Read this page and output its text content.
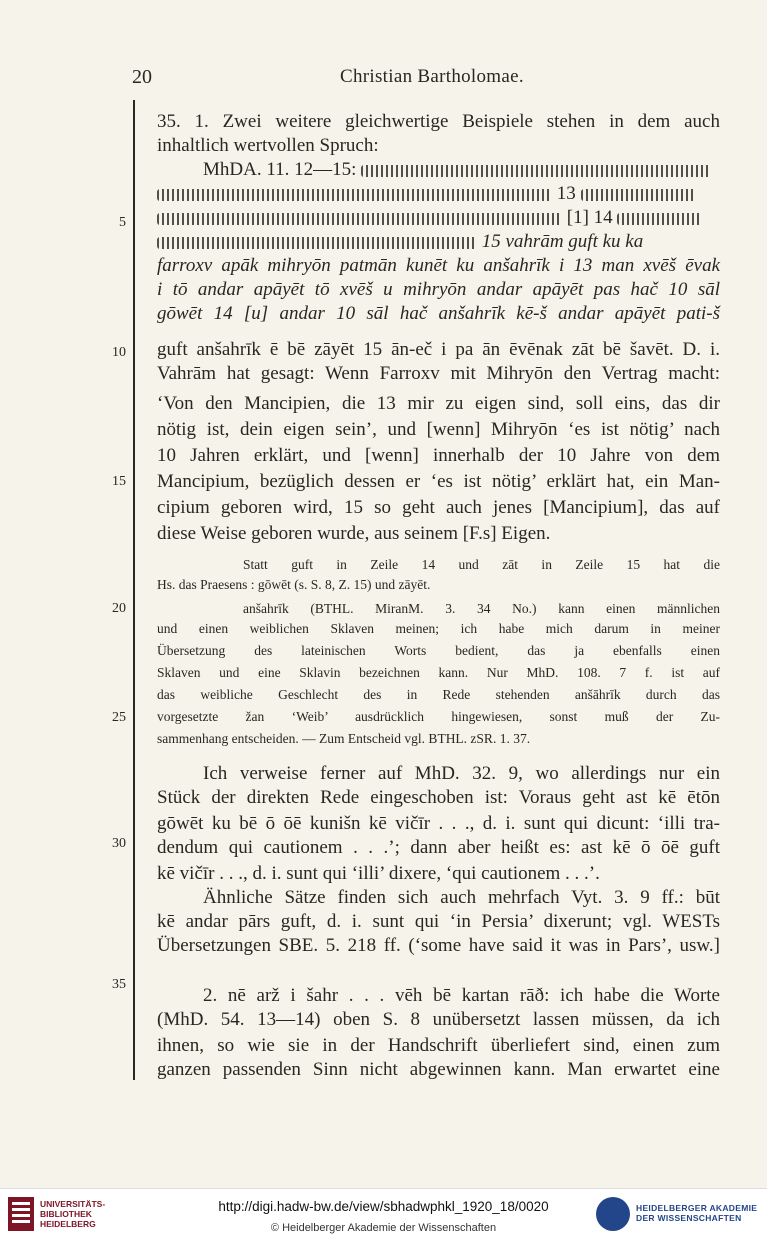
20	Christian Bartholomae.
5
10
15
20
25
30
35
35. 1. Zwei weitere gleichwertige Beispiele stehen in dem auch
inhaltlich wertvollen Spruch:
MhDA. 11. 12—15:
13
[1] 14
15 vahrām guft ku ka
farroxv apāk mihryōn patmān kunēt ku anšahrīk i 13 man xvēš ēvak
i tō andar apāyēt tō xvēš u mihryōn andar apāyēt pas hač 10 sāl
gōwēt 14 [u] andar 10 sāl hač anšahrīk kē-š andar apāyēt pati-š
guft anšahrīk ē bē zāyēt 15 ān-eč i pa ān ēvēnak zāt bē šavēt. D. i.
Vahrām hat gesagt: Wenn Farroxv mit Mihryōn den Vertrag macht:
‘Von den Mancipien, die 13 mir zu eigen sind, soll eins, das dir
nötig ist, dein eigen sein’, und [wenn] Mihryōn ‘es ist nötig’ nach
10 Jahren erklärt, und [wenn] innerhalb der 10 Jahre von dem
Mancipium, bezüglich dessen er ‘es ist nötig’ erklärt hat, ein Man-
cipium geboren wird, 15 so geht auch jenes [Mancipium], das auf
diese Weise geboren wurde, aus seinem [F.s] Eigen.
Statt guft in Zeile 14 und zāt in Zeile 15 hat die
Hs. das Praesens : gōwēt (s. S. 8, Z. 15) und zāyēt.
anšahrīk (BTHL. MiranM. 3. 34 No.) kann einen männlichen
und einen weiblichen Sklaven meinen; ich habe mich darum in meiner
Übersetzung des lateinischen Worts bedient, das ja ebenfalls einen
Sklaven und eine Sklavin bezeichnen kann. Nur MhD. 108. 7 f. ist auf
das weibliche Geschlecht des in Rede stehenden anšāhrīk durch das
vorgesetzte žan ‘Weib’ ausdrücklich hingewiesen, sonst muß der Zu-
sammenhang entscheiden. — Zum Entscheid vgl. BTHL. zSR. 1. 37.
Ich verweise ferner auf MhD. 32. 9, wo allerdings nur ein
Stück der direkten Rede eingeschoben ist: Voraus geht ast kē ētōn
gōwēt ku bē ō ōē kunišn kē vičīr . . ., d. i. sunt qui dicunt: ‘illi tra-
dendum qui cautionem . . .’; dann aber heißt es: ast kē ō ōē guft
kē vičīr . . ., d. i. sunt qui ‘illi’ dixere, ‘qui cautionem . . .’.
Ähnliche Sätze finden sich auch mehrfach Vyt. 3. 9 ff.: būt
kē andar pārs guft, d. i. sunt qui ‘in Persia’ dixerunt; vgl. WESTs
Übersetzungen SBE. 5. 218 ff. (‘some have said it was in Pars’, usw.]
2. nē arž i šahr . . . vēh bē kartan rāð: ich habe die Worte
(MhD. 54. 13—14) oben S. 8 unübersetzt lassen müssen, da ich
ihnen, so wie sie in der Handschrift überliefert sind, einen zum
ganzen passenden Sinn nicht abgewinnen kann. Man erwartet eine
UNIVERSITÄTS- BIBLIOTHEK HEIDELBERG
http://digi.hadw-bw.de/view/sbhadwphkl_1920_18/0020
© Heidelberger Akademie der Wissenschaften
HEIDELBERGER AKADEMIE DER WISSENSCHAFTEN
